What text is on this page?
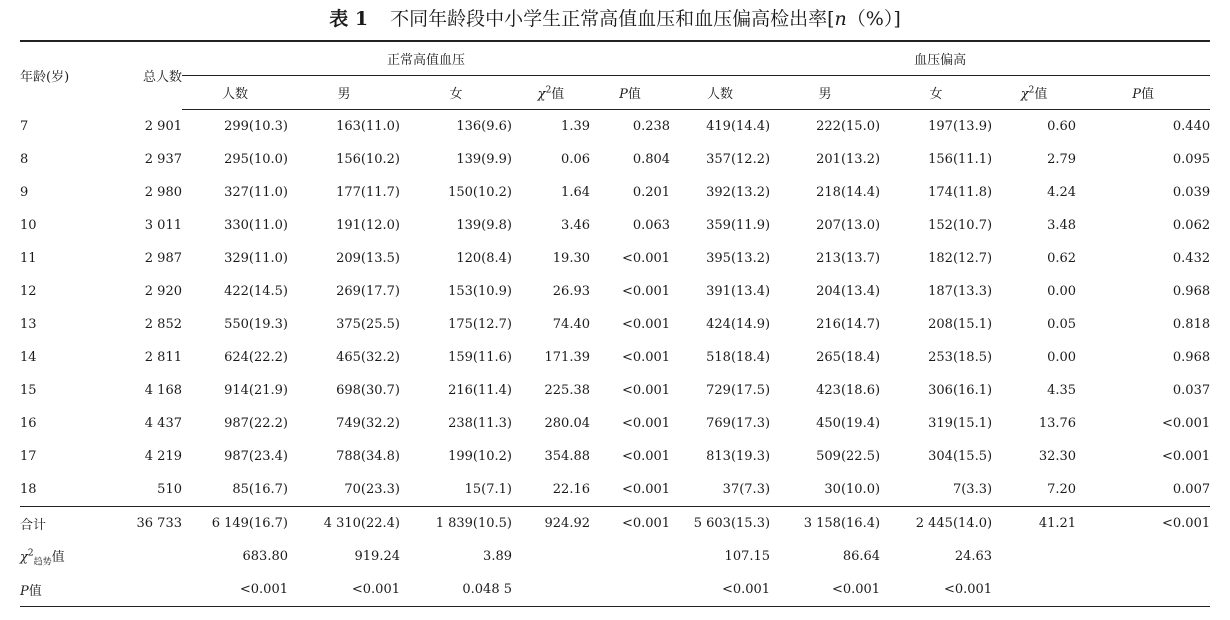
表 1 不同年龄段中小学生正常高值血压和血压偏高检出率[n（%）]
年龄(岁)	总人数	正常高值血压					血压偏高				
		人数	男	女	$\chi^2$值	P值	人数	男	女	$\chi^2$值	P值
7	2 901	299(10.3)	163(11.0)	136(9.6)	1.39	0.238	419(14.4)	222(15.0)	197(13.9)	0.60	0.440
8	2 937	295(10.0)	156(10.2)	139(9.9)	0.06	0.804	357(12.2)	201(13.2)	156(11.1)	2.79	0.095
9	2 980	327(11.0)	177(11.7)	150(10.2)	1.64	0.201	392(13.2)	218(14.4)	174(11.8)	4.24	0.039
10	3 011	330(11.0)	191(12.0)	139(9.8)	3.46	0.063	359(11.9)	207(13.0)	152(10.7)	3.48	0.062
11	2 987	329(11.0)	209(13.5)	120(8.4)	19.30	<0.001	395(13.2)	213(13.7)	182(12.7)	0.62	0.432
12	2 920	422(14.5)	269(17.7)	153(10.9)	26.93	<0.001	391(13.4)	204(13.4)	187(13.3)	0.00	0.968
13	2 852	550(19.3)	375(25.5)	175(12.7)	74.40	<0.001	424(14.9)	216(14.7)	208(15.1)	0.05	0.818
14	2 811	624(22.2)	465(32.2)	159(11.6)	171.39	<0.001	518(18.4)	265(18.4)	253(18.5)	0.00	0.968
15	4 168	914(21.9)	698(30.7)	216(11.4)	225.38	<0.001	729(17.5)	423(18.6)	306(16.1)	4.35	0.037
16	4 437	987(22.2)	749(32.2)	238(11.3)	280.04	<0.001	769(17.3)	450(19.4)	319(15.1)	13.76	<0.001
17	4 219	987(23.4)	788(34.8)	199(10.2)	354.88	<0.001	813(19.3)	509(22.5)	304(15.5)	32.30	<0.001
18	510	85(16.7)	70(23.3)	15(7.1)	22.16	<0.001	37(7.3)	30(10.0)	7(3.3)	7.20	0.007
合计	36 733	6 149(16.7)	4 310(22.4)	1 839(10.5)	924.92	<0.001	5 603(15.3)	3 158(16.4)	2 445(14.0)	41.21	<0.001
$\chi^2_{趋势}$值		683.80	919.24	3.89			107.15	86.64	24.63		
P值		<0.001	<0.001	0.048 5			<0.001	<0.001	<0.001		
